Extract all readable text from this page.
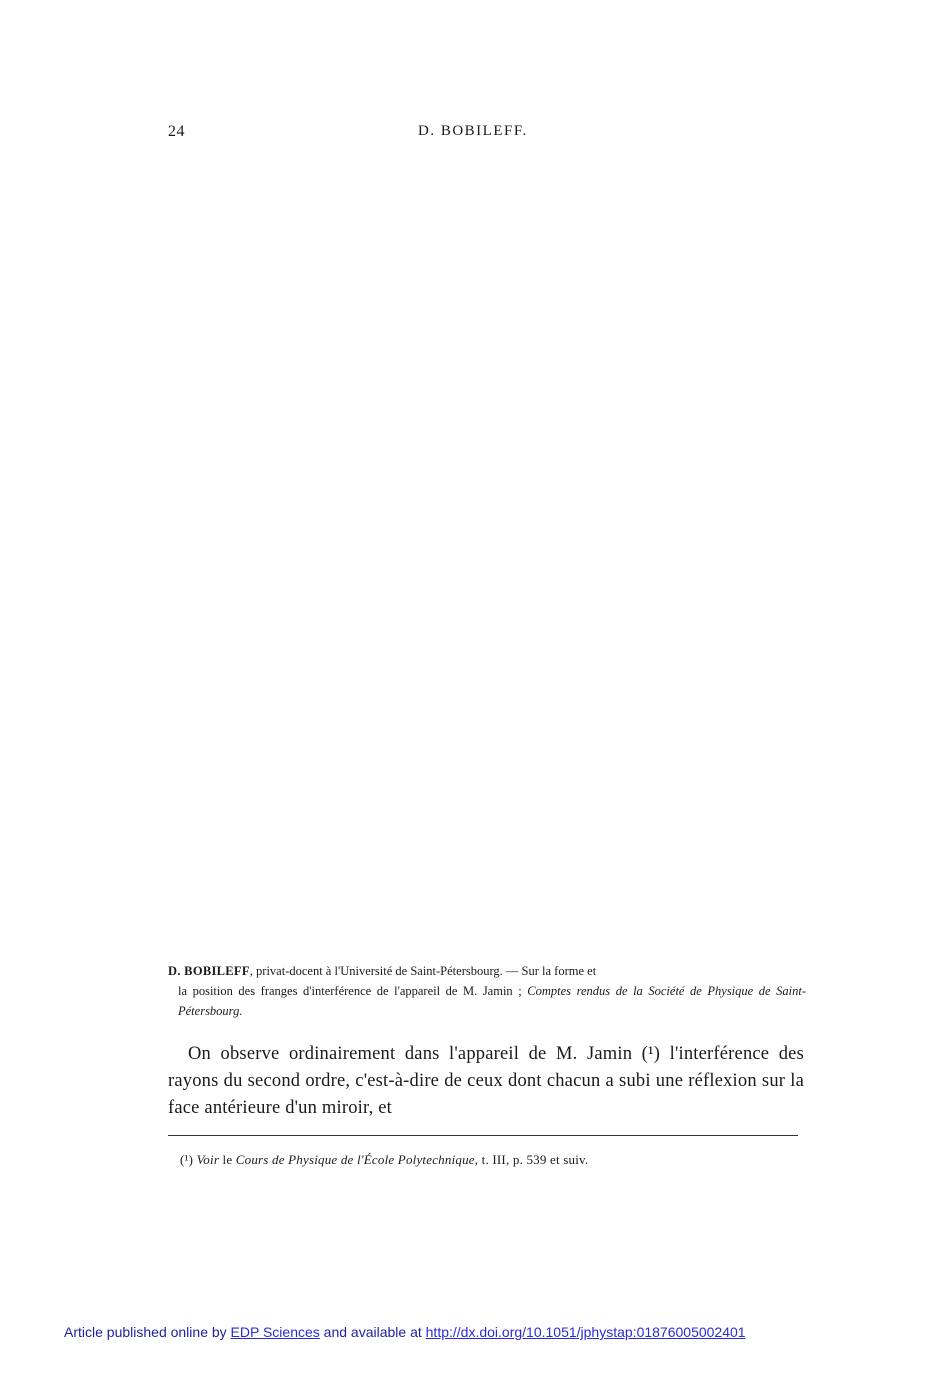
24	D. BOBILEFF.
D. BOBILEFF, privat-docent à l'Université de Saint-Pétersbourg. — Sur la forme et
la position des franges d'interférence de l'appareil de M. Jamin ; Comptes rendus de la Société de Physique de Saint-Pétersbourg.
On observe ordinairement dans l'appareil de M. Jamin (¹) l'interférence des rayons du second ordre, c'est-à-dire de ceux dont chacun a subi une réflexion sur la face antérieure d'un miroir, et
(¹) Voir le Cours de Physique de l'École Polytechnique, t. III, p. 539 et suiv.
Article published online by EDP Sciences and available at http://dx.doi.org/10.1051/jphystap:01876005002401
